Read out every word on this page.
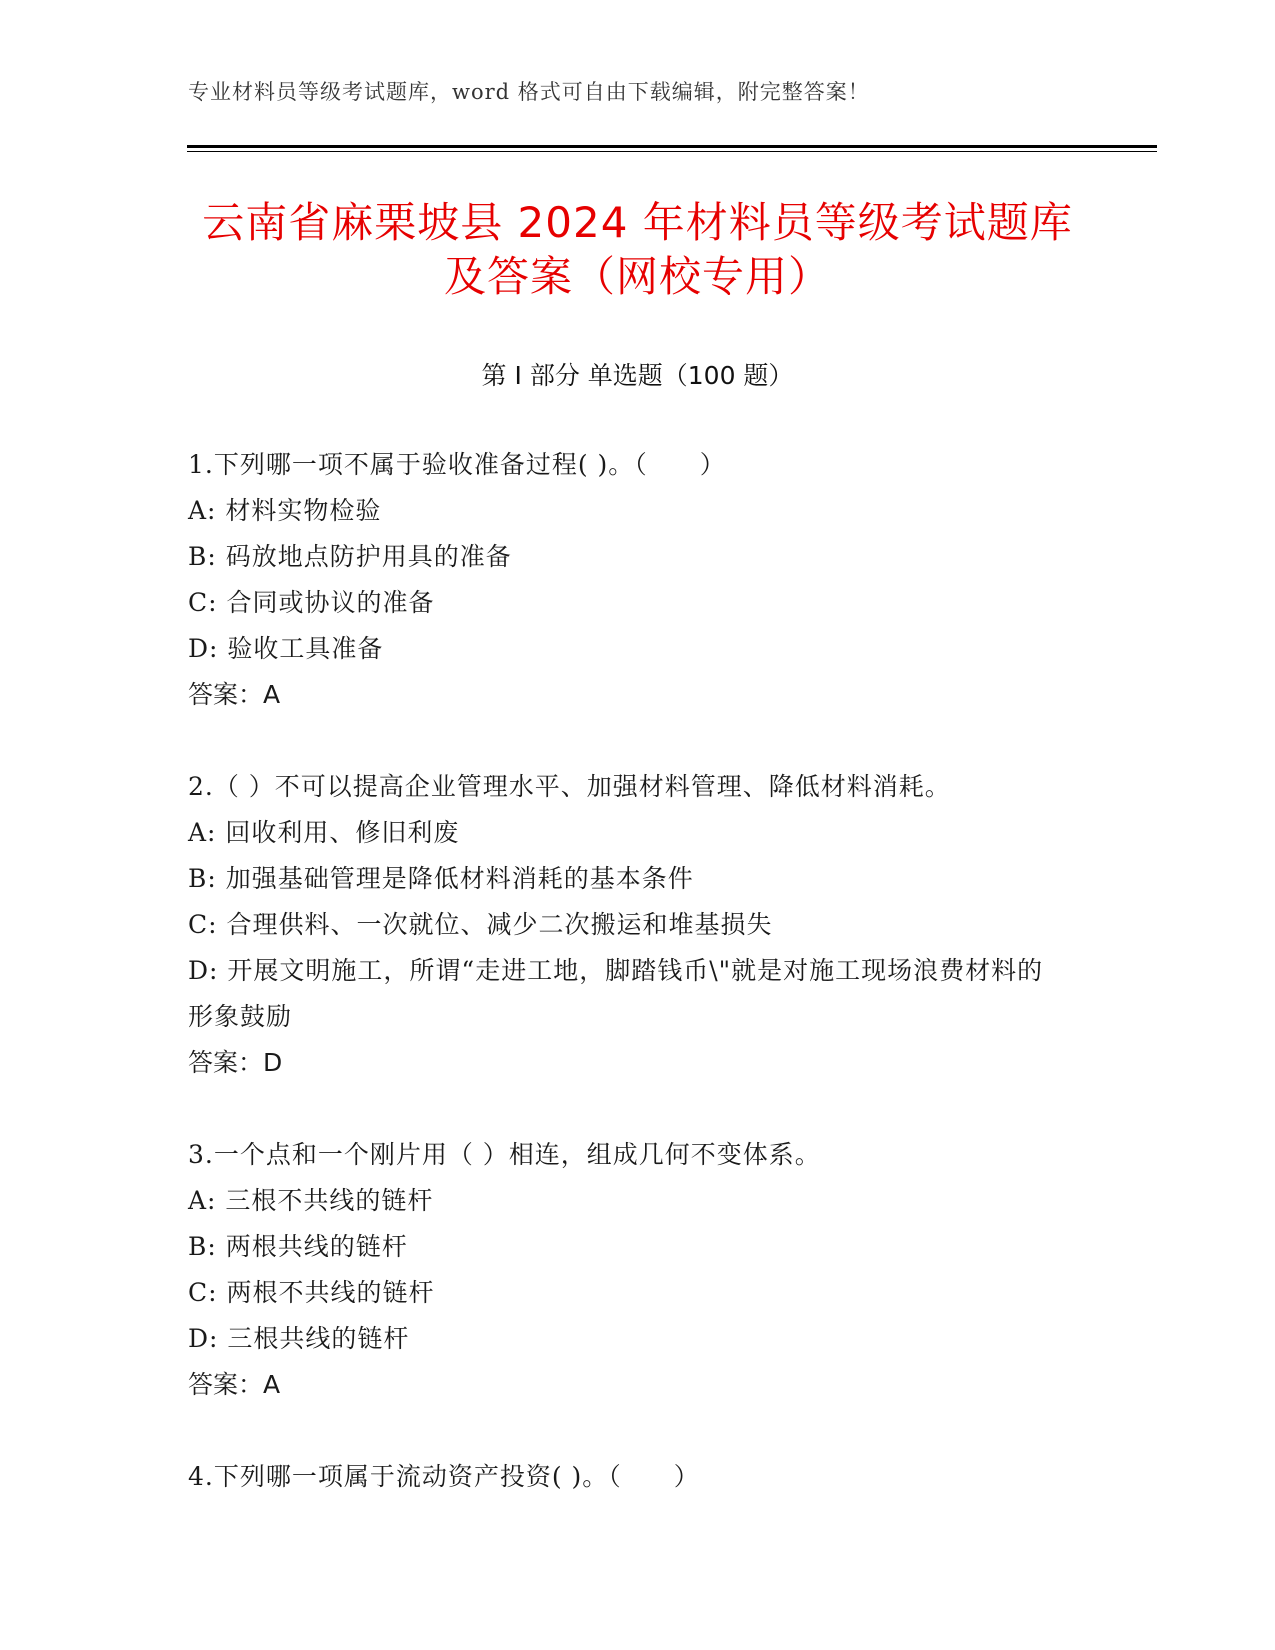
专业材料员等级考试题库，word 格式可自由下载编辑，附完整答案！
云南省麻栗坡县 2024 年材料员等级考试题库
及答案（网校专用）
第 I 部分 单选题（100 题）
1.下列哪一项不属于验收准备过程( )。（　　）
A: 材料实物检验
B: 码放地点防护用具的准备
C: 合同或协议的准备
D: 验收工具准备
答案：A
2.（ ）不可以提高企业管理水平、加强材料管理、降低材料消耗。
A: 回收利用、修旧利废
B: 加强基础管理是降低材料消耗的基本条件
C: 合理供料、一次就位、减少二次搬运和堆基损失
D: 开展文明施工，所谓“走进工地，脚踏钱币\"就是对施工现场浪费材料的形象鼓励
答案：D
3.一个点和一个刚片用（ ）相连，组成几何不变体系。
A: 三根不共线的链杆
B: 两根共线的链杆
C: 两根不共线的链杆
D: 三根共线的链杆
答案：A
4.下列哪一项属于流动资产投资( )。（　　）
